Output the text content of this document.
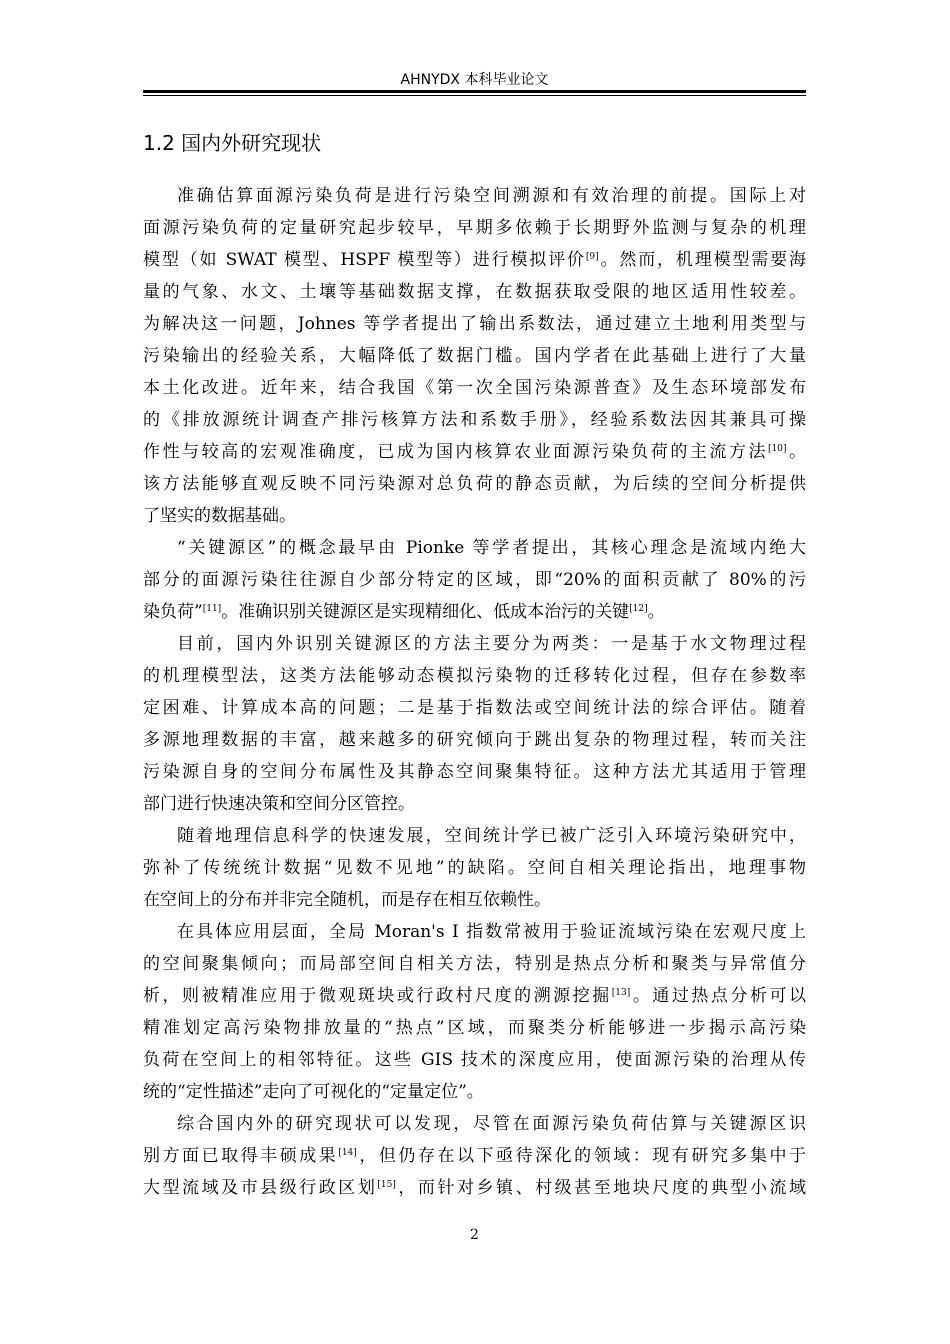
AHNYDX 本科毕业论文
1.2 国内外研究现状
准确估算面源污染负荷是进行污染空间溯源和有效治理的前提。国际上对
面源污染负荷的定量研究起步较早，早期多依赖于长期野外监测与复杂的机理
模型（如 SWAT 模型、HSPF 模型等）进行模拟评价[9]。然而，机理模型需要海
量的气象、水文、土壤等基础数据支撑，在数据获取受限的地区适用性较差。
为解决这一问题，Johnes 等学者提出了输出系数法，通过建立土地利用类型与
污染输出的经验关系，大幅降低了数据门槛。国内学者在此基础上进行了大量
本土化改进。近年来，结合我国《第一次全国污染源普查》及生态环境部发布
的《排放源统计调查产排污核算方法和系数手册》，经验系数法因其兼具可操
作性与较高的宏观准确度，已成为国内核算农业面源污染负荷的主流方法[10]。
该方法能够直观反映不同污染源对总负荷的静态贡献，为后续的空间分析提供
了坚实的数据基础。
“关键源区”的概念最早由 Pionke 等学者提出，其核心理念是流域内绝大
部分的面源污染往往源自少部分特定的区域，即“20%的面积贡献了 80%的污
染负荷”[11]。准确识别关键源区是实现精细化、低成本治污的关键[12]。
目前，国内外识别关键源区的方法主要分为两类：一是基于水文物理过程
的机理模型法，这类方法能够动态模拟污染物的迁移转化过程，但存在参数率
定困难、计算成本高的问题；二是基于指数法或空间统计法的综合评估。随着
多源地理数据的丰富，越来越多的研究倾向于跳出复杂的物理过程，转而关注
污染源自身的空间分布属性及其静态空间聚集特征。这种方法尤其适用于管理
部门进行快速决策和空间分区管控。
随着地理信息科学的快速发展，空间统计学已被广泛引入环境污染研究中，
弥补了传统统计数据“见数不见地”的缺陷。空间自相关理论指出，地理事物
在空间上的分布并非完全随机，而是存在相互依赖性。
在具体应用层面，全局 Moran's I 指数常被用于验证流域污染在宏观尺度上
的空间聚集倾向；而局部空间自相关方法，特别是热点分析和聚类与异常值分
析，则被精准应用于微观斑块或行政村尺度的溯源挖掘[13]。通过热点分析可以
精准划定高污染物排放量的“热点”区域，而聚类分析能够进一步揭示高污染
负荷在空间上的相邻特征。这些 GIS 技术的深度应用，使面源污染的治理从传
统的“定性描述”走向了可视化的“定量定位”。
综合国内外的研究现状可以发现，尽管在面源污染负荷估算与关键源区识
别方面已取得丰硕成果[14]，但仍存在以下亟待深化的领域：现有研究多集中于
大型流域及市县级行政区划[15]，而针对乡镇、村级甚至地块尺度的典型小流域
2
